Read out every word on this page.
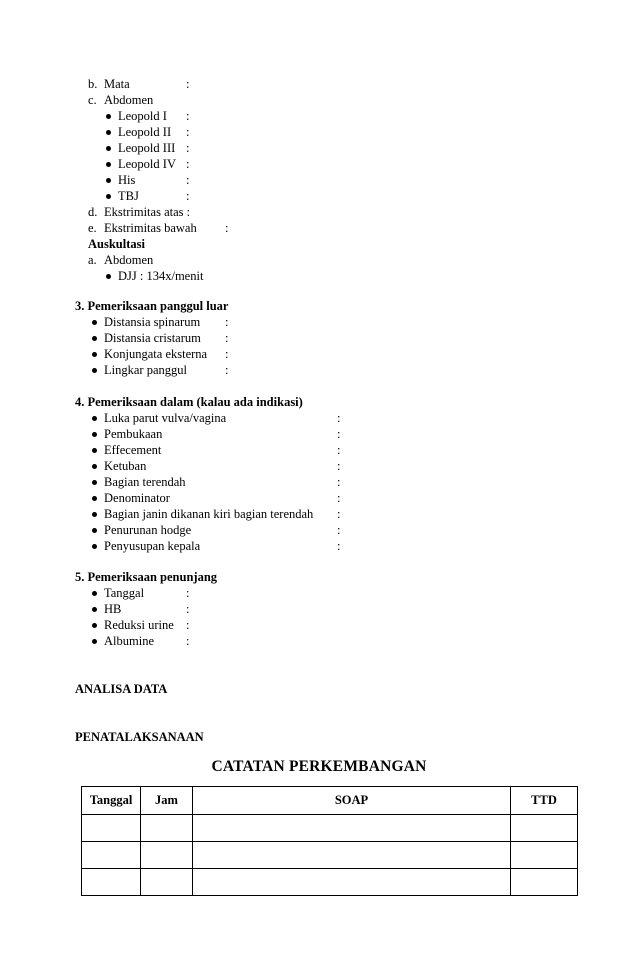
b. Mata	:
c. Abdomen
Leopold I :
Leopold II :
Leopold III :
Leopold IV :
His	:
TBJ	:
d. Ekstrimitas atas :
e. Ekstrimitas bawah :
Auskultasi
a. Abdomen
DJJ : 134x/menit
3. Pemeriksaan panggul luar
Distansia spinarum :
Distansia cristarum :
Konjungata eksterna :
Lingkar panggul	:
4. Pemeriksaan dalam (kalau ada indikasi)
Luka parut vulva/vagina	:
Pembukaan	:
Effecement	:
Ketuban	:
Bagian terendah	:
Denominator	:
Bagian janin dikanan kiri bagian terendah :
Penurunan hodge	:
Penyusupan kepala	:
5. Pemeriksaan penunjang
Tanggal	:
HB	:
Reduksi urine :
Albumine	:
ANALISA DATA
PENATALAKSANAAN
CATATAN PERKEMBANGAN
Tanggal	Jam	SOAP	TTD
